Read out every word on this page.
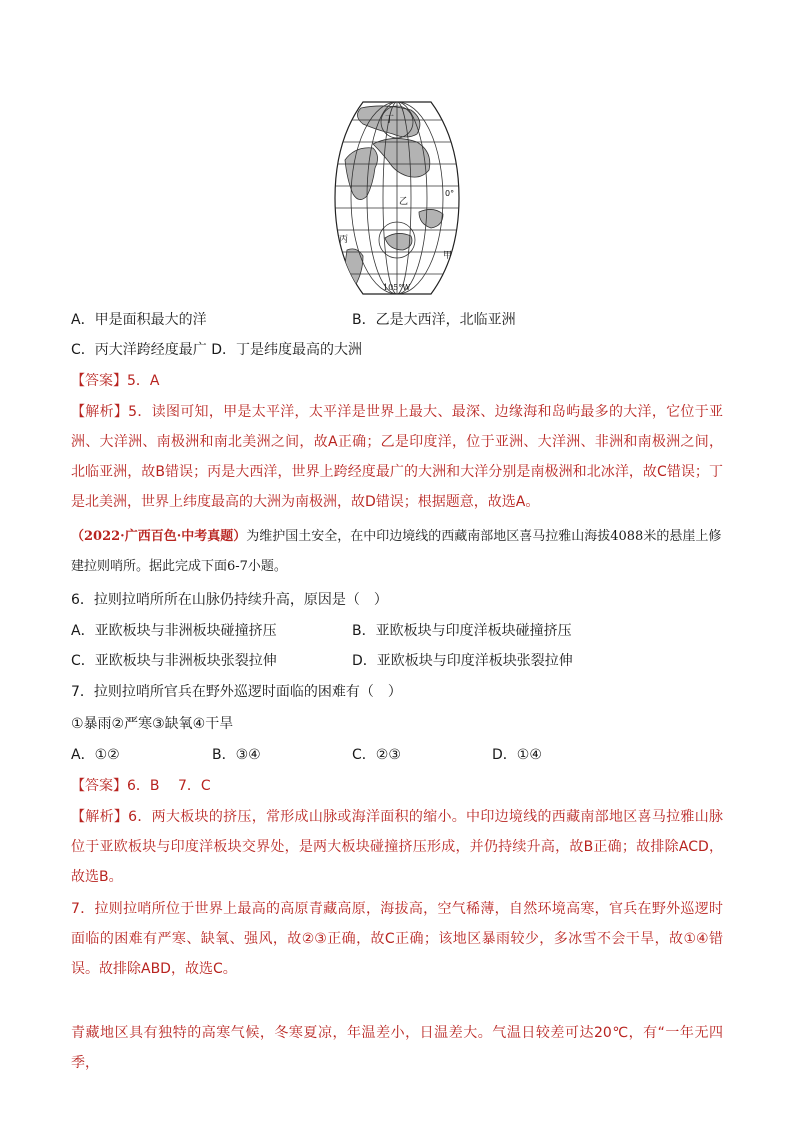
丁
乙
0°
丙
甲
105°W
A．甲是面积最大的洋	B．乙是大西洋，北临亚洲
C．丙大洋跨经度最广 D．丁是纬度最高的大洲
【答案】5．A
【解析】5．读图可知，甲是太平洋，太平洋是世界上最大、最深、边缘海和岛屿最多的大洋，它位于亚洲、大洋洲、南极洲和南北美洲之间，故A正确；乙是印度洋，位于亚洲、大洋洲、非洲和南极洲之间，北临亚洲，故B错误；丙是大西洋，世界上跨经度最广的大洲和大洋分别是南极洲和北冰洋，故C错误；丁是北美洲，世界上纬度最高的大洲为南极洲，故D错误；根据题意，故选A。
（2022·广西百色·中考真题）为维护国土安全，在中印边境线的西藏南部地区喜马拉雅山海拔4088米的悬崖上修建拉则哨所。据此完成下面6-7小题。
6．拉则拉哨所所在山脉仍持续升高，原因是（　）
A．亚欧板块与非洲板块碰撞挤压	B．亚欧板块与印度洋板块碰撞挤压
C．亚欧板块与非洲板块张裂拉伸	D．亚欧板块与印度洋板块张裂拉伸
7．拉则拉哨所官兵在野外巡逻时面临的困难有（　）
①暴雨②严寒③缺氧④干旱
A．①②	B．③④	C．②③	D．①④
【答案】6．B　 7．C
【解析】6．两大板块的挤压，常形成山脉或海洋面积的缩小。中印边境线的西藏南部地区喜马拉雅山脉位于亚欧板块与印度洋板块交界处，是两大板块碰撞挤压形成，并仍持续升高，故B正确；故排除ACD，故选B。
7．拉则拉哨所位于世界上最高的高原青藏高原，海拔高，空气稀薄，自然环境高寒，官兵在野外巡逻时面临的困难有严寒、缺氧、强风，故②③正确，故C正确；该地区暴雨较少，多冰雪不会干旱，故①④错误。故排除ABD，故选C。
青藏地区具有独特的高寒气候，冬寒夏凉，年温差小，日温差大。气温日较差可达20℃，有“一年无四季，
